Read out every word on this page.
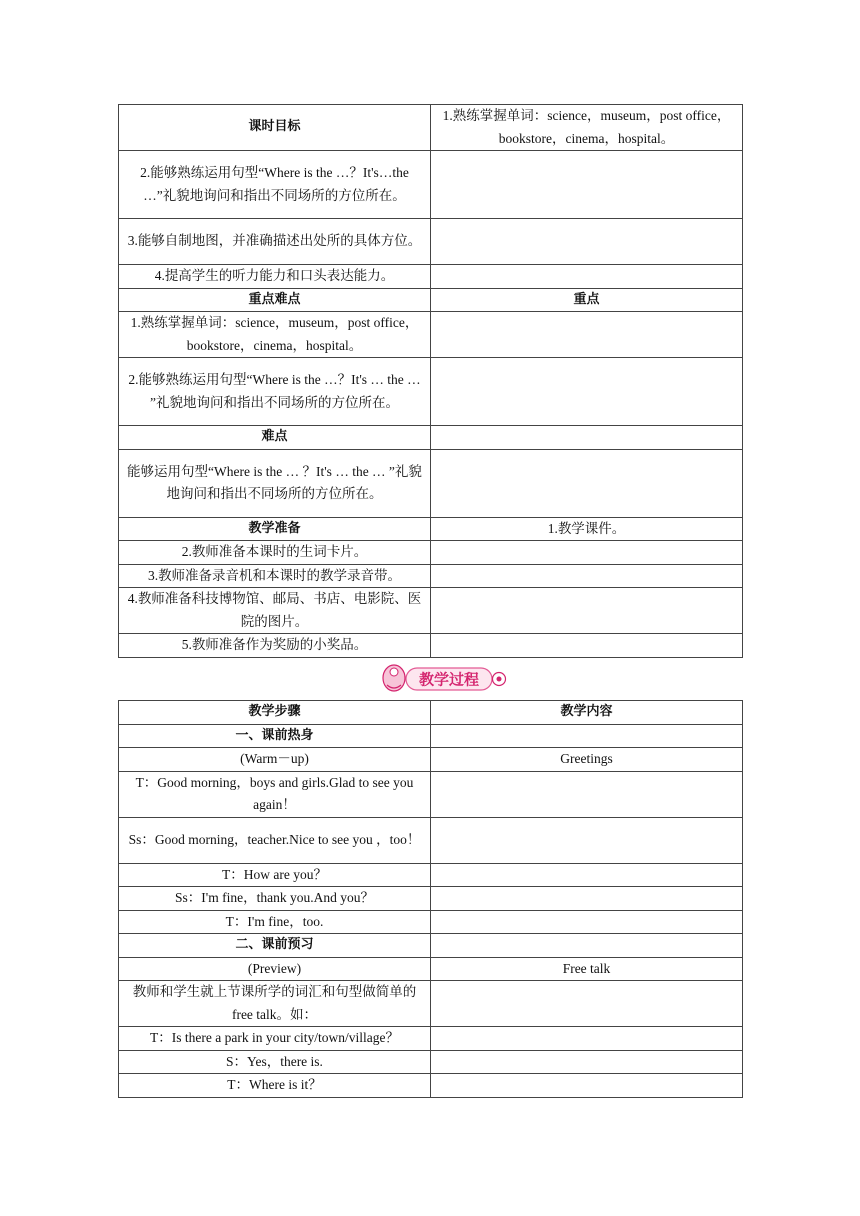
课时目标	1.熟练掌握单词：science，museum，post office，bookstore，cinema，hospital。
2.能够熟练运用句型“Where is the …？It's…the …”礼貌地询问和指出不同场所的方位所在。	
3.能够自制地图，并准确描述出处所的具体方位。	
4.提高学生的听力能力和口头表达能力。	
重点难点	重点
1.熟练掌握单词：science，museum，post office，bookstore，cinema，hospital。	
2.能够熟练运用句型“Where is the …？It's … the … ”礼貌地询问和指出不同场所的方位所在。	
难点	
能够运用句型“Where is the … ？It's … the … ”礼貌地询问和指出不同场所的方位所在。	
教学准备	1.教学课件。
2.教师准备本课时的生词卡片。	
3.教师准备录音机和本课时的教学录音带。	
4.教师准备科技博物馆、邮局、书店、电影院、医院的图片。	
5.教师准备作为奖励的小奖品。	
教学过程
教学步骤	教学内容
一、课前热身	
(Warm－up)	Greetings
T：Good morning，boys and girls.Glad to see you again！	
Ss：Good morning，teacher.Nice to see you ，too！	
T：How are you？	
Ss：I'm fine，thank you.And you？	
T：I'm fine，too.	
二、课前预习	
(Preview)	Free talk
教师和学生就上节课所学的词汇和句型做简单的 free talk。如：	
T：Is there a park in your city/town/village？	
S：Yes，there is.	
T：Where is it？	
